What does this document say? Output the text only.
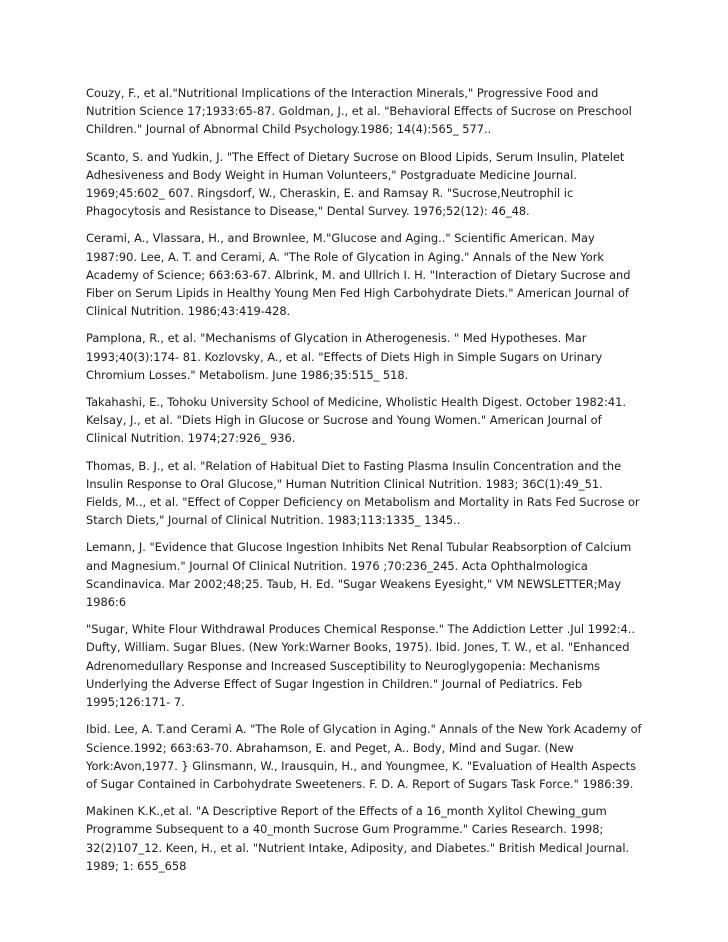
Couzy, F., et al."Nutritional Implications of the Interaction Minerals," Progressive Food and Nutrition Science 17;1933:65-87. Goldman, J., et al. "Behavioral Effects of Sucrose on Preschool Children." Journal of Abnormal Child Psychology.1986; 14(4):565_ 577..

Scanto, S. and Yudkin, J. "The Effect of Dietary Sucrose on Blood Lipids, Serum Insulin, Platelet Adhesiveness and Body Weight in Human Volunteers," Postgraduate Medicine Journal. 1969;45:602_ 607. Ringsdorf, W., Cheraskin, E. and Ramsay R. "Sucrose,Neutrophil ic Phagocytosis and Resistance to Disease," Dental Survey. 1976;52(12): 46_48.

Cerami, A., Vlassara, H., and Brownlee, M."Glucose and Aging.." Scientific American. May 1987:90. Lee, A. T. and Cerami, A. "The Role of Glycation in Aging." Annals of the New York Academy of Science; 663:63-67. Albrink, M. and Ullrich I. H. "Interaction of Dietary Sucrose and Fiber on Serum Lipids in Healthy Young Men Fed High Carbohydrate Diets." American Journal of Clinical Nutrition. 1986;43:419-428.

Pamplona, R., et al. "Mechanisms of Glycation in Atherogenesis. " Med Hypotheses. Mar 1993;40(3):174- 81. Kozlovsky, A., et al. "Effects of Diets High in Simple Sugars on Urinary Chromium Losses." Metabolism. June 1986;35:515_ 518.

Takahashi, E., Tohoku University School of Medicine, Wholistic Health Digest. October 1982:41. Kelsay, J., et al. "Diets High in Glucose or Sucrose and Young Women." American Journal of Clinical Nutrition. 1974;27:926_ 936.

Thomas, B. J., et al. "Relation of Habitual Diet to Fasting Plasma Insulin Concentration and the Insulin Response to Oral Glucose," Human Nutrition Clinical Nutrition. 1983; 36C(1):49_51. Fields, M.., et al. "Effect of Copper Deficiency on Metabolism and Mortality in Rats Fed Sucrose or Starch Diets," Journal of Clinical Nutrition. 1983;113:1335_ 1345..

Lemann, J. "Evidence that Glucose Ingestion Inhibits Net Renal Tubular Reabsorption of Calcium and Magnesium." Journal Of Clinical Nutrition. 1976 ;70:236_245. Acta Ophthalmologica Scandinavica. Mar 2002;48;25. Taub, H. Ed. "Sugar Weakens Eyesight," VM NEWSLETTER;May 1986:6

"Sugar, White Flour Withdrawal Produces Chemical Response." The Addiction Letter .Jul 1992:4.. Dufty, William. Sugar Blues. (New York:Warner Books, 1975). Ibid. Jones, T. W., et al. "Enhanced Adrenomedullary Response and Increased Susceptibility to Neuroglygopenia: Mechanisms Underlying the Adverse Effect of Sugar Ingestion in Children." Journal of Pediatrics. Feb 1995;126:171- 7.

Ibid. Lee, A. T.and Cerami A. "The Role of Glycation in Aging." Annals of the New York Academy of Science.1992; 663:63-70. Abrahamson, E. and Peget, A.. Body, Mind and Sugar. (New York:Avon,1977. } Glinsmann, W., Irausquin, H., and Youngmee, K. "Evaluation of Health Aspects of Sugar Contained in Carbohydrate Sweeteners. F. D. A. Report of Sugars Task Force." 1986:39.

Makinen K.K.,et al. "A Descriptive Report of the Effects of a 16_month Xylitol Chewing_gum Programme Subsequent to a 40_month Sucrose Gum Programme." Caries Research. 1998; 32(2)107_12. Keen, H., et al. "Nutrient Intake, Adiposity, and Diabetes." British Medical Journal. 1989; 1: 655_658
